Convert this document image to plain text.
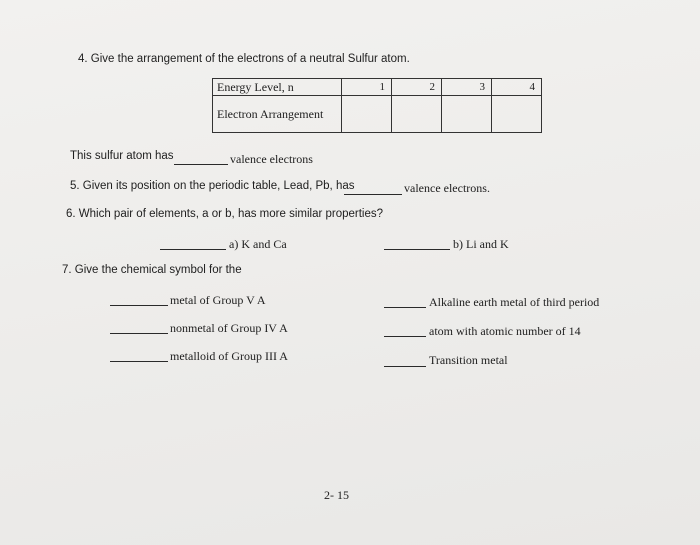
4. Give the arrangement of the electrons of a neutral Sulfur atom.
Energy Level, n	1	2	3	4
Electron Arrangement				
This sulfur atom has	valence electrons
5. Given its position on the periodic table, Lead, Pb, has	valence electrons.
6. Which pair of elements, a or b, has more similar properties?
a) K and Ca	b) Li and K
7. Give the chemical symbol for the
metal of Group V A	Alkaline earth metal of third period
nonmetal of Group IV A	atom with atomic number of 14
metalloid of Group III A	Transition metal
2- 15
